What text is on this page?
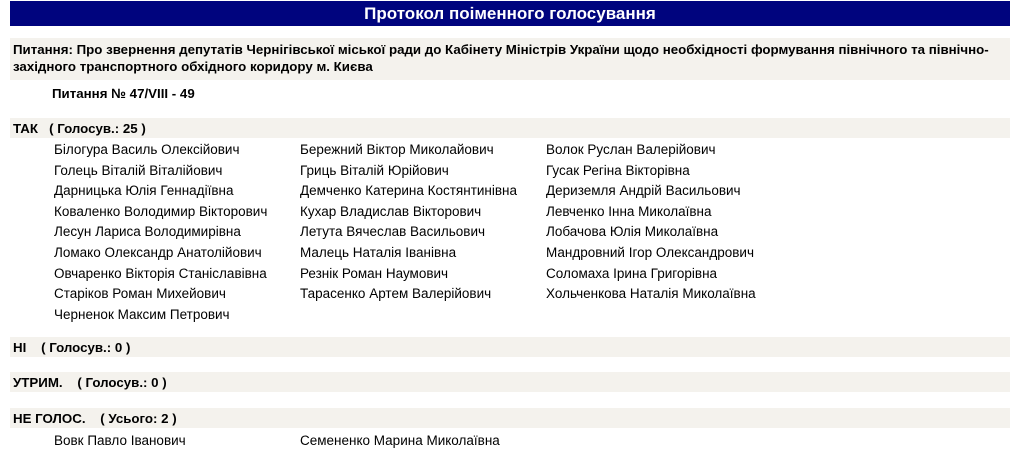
Протокол поіменного голосування
Питання: Про звернення депутатів Чернігівської міської ради до Кабінету Міністрів України щодо необхідності формування північного та північно-західного транспортного обхідного коридору м. Києва
Питання № 47/VIII - 49
ТАК   ( Голосув.: 25 )
Білогура Василь Олексійович	Бережний Віктор Миколайович	Волок Руслан Валерійович
Голець Віталій Віталійович	Гриць Віталій Юрійович	Гусак Регіна Вікторівна
Дарницька Юлія Геннадіївна	Демченко Катерина Костянтинівна	Дериземля Андрій Васильович
Коваленко Володимир Вікторович	Кухар Владислав Вікторович	Левченко Інна Миколаївна
Лесун Лариса Володимирівна	Летута Вячеслав Васильович	Лобачова Юлія Миколаївна
Ломако Олександр Анатолійович	Малець Наталія Іванівна	Мандровний Ігор Олександрович
Овчаренко Вікторія Станіславівна	Резнік Роман Наумович	Соломаха Ірина Григорівна
Старіков Роман Михейович	Тарасенко Артем Валерійович	Хольченкова Наталія Миколаївна
Черненок Максим Петрович
НІ    ( Голосув.: 0 )
УТРИМ.    ( Голосув.: 0 )
НЕ ГОЛОС.    ( Усього: 2 )
Вовк Павло Іванович	Семененко Марина Миколаївна
